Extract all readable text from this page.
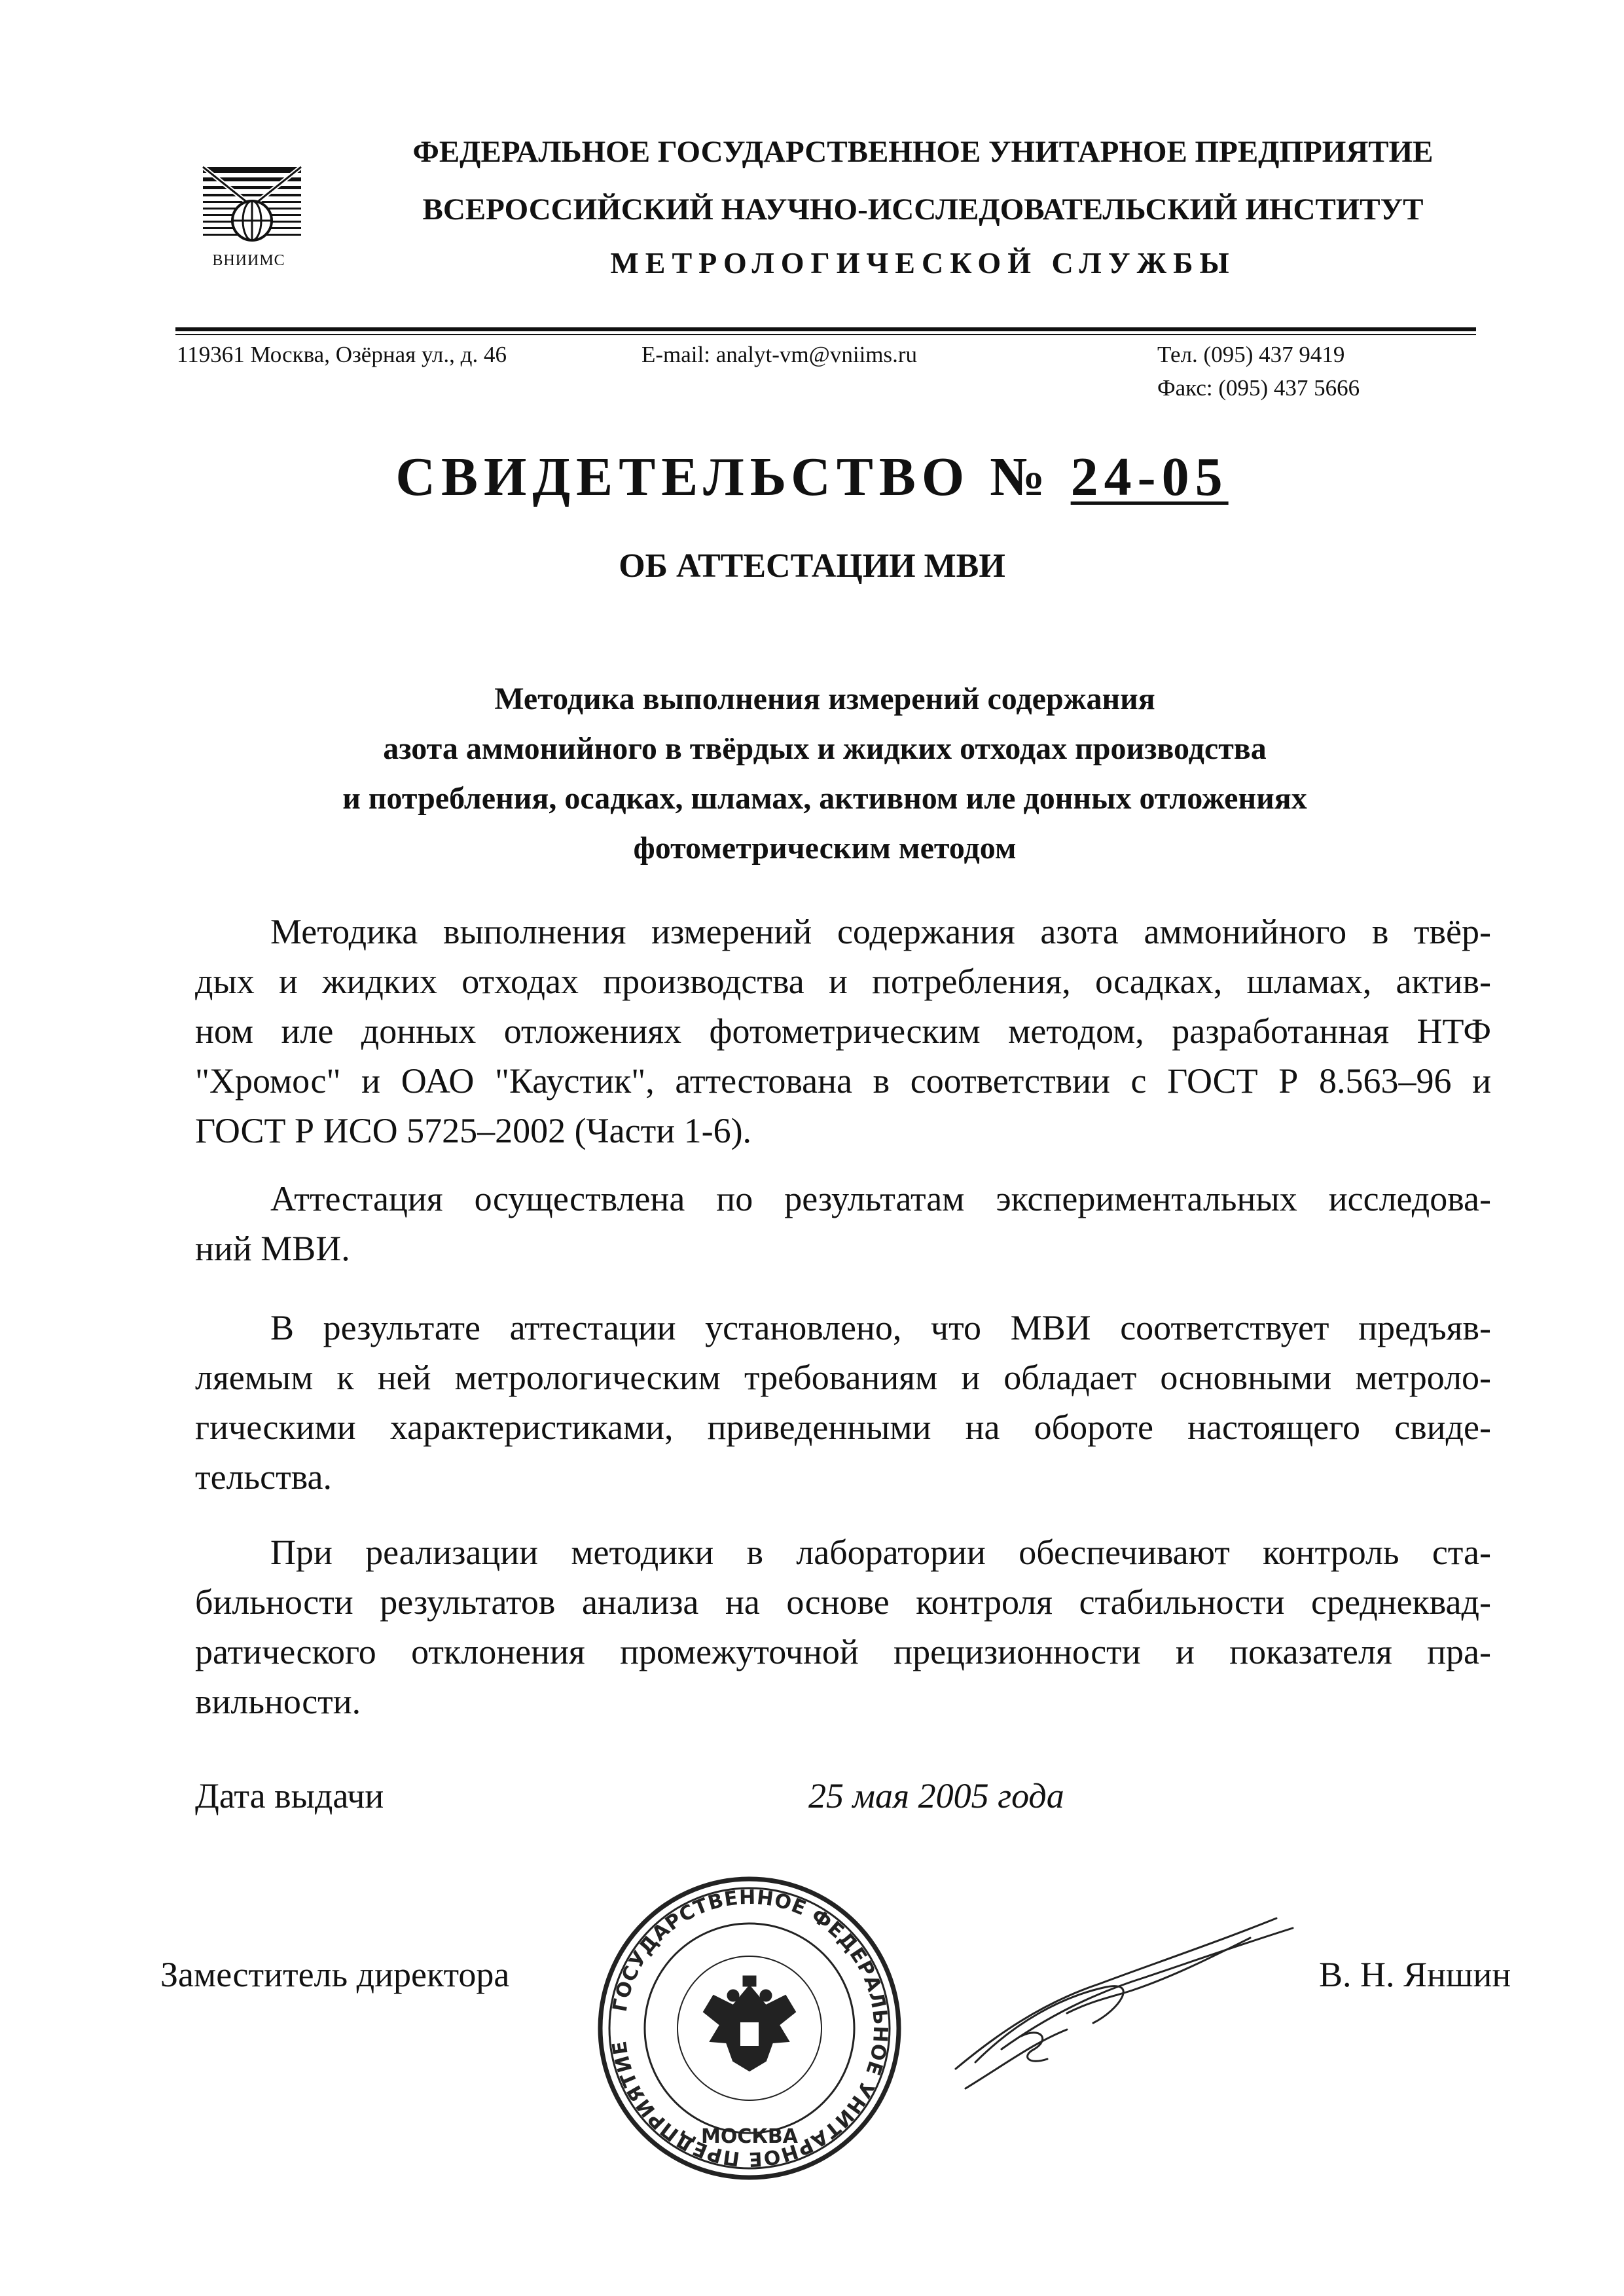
ВНИИМС
ФЕДЕРАЛЬНОЕ ГОСУДАРСТВЕННОЕ УНИТАРНОЕ ПРЕДПРИЯТИЕ
ВСЕРОССИЙСКИЙ НАУЧНО-ИССЛЕДОВАТЕЛЬСКИЙ ИНСТИТУТ
МЕТРОЛОГИЧЕСКОЙ СЛУЖБЫ
119361 Москва, Озёрная ул., д. 46	E-mail: analyt-vm@vniims.ru	Тел. (095) 437 9419
Факс: (095) 437 5666
СВИДЕТЕЛЬСТВО № 24-05
ОБ АТТЕСТАЦИИ МВИ
Методика выполнения измерений содержания
азота аммонийного в твёрдых и жидких отходах производства
и потребления, осадках, шламах, активном иле донных отложениях
фотометрическим методом
Методика выполнения измерений содержания азота аммонийного в твёр-
дых и жидких отходах производства и потребления, осадках, шламах, актив-
ном иле донных отложениях фотометрическим методом, разработанная НТФ
"Хромос" и ОАО "Каустик", аттестована в соответствии с ГОСТ Р 8.563–96 и
ГОСТ Р ИСО 5725–2002 (Части 1-6).
Аттестация осуществлена по результатам экспериментальных исследова-
ний МВИ.
В результате аттестации установлено, что МВИ соответствует предъяв-
ляемым к ней метрологическим требованиям и обладает основными метроло-
гическими характеристиками, приведенными на обороте настоящего свиде-
тельства.
При реализации методики в лаборатории обеспечивают контроль ста-
бильности результатов анализа на основе контроля стабильности среднеквад-
ратического отклонения промежуточной прецизионности и показателя пра-
вильности.
Дата выдачи	25 мая 2005 года
Заместитель директора	В. Н. Яншин
ГОСУДАРСТВЕННОЕ ФЕДЕРАЛЬНОЕ УНИТАРНОЕ ПРЕДПРИЯТИЕ
МОСКВА
